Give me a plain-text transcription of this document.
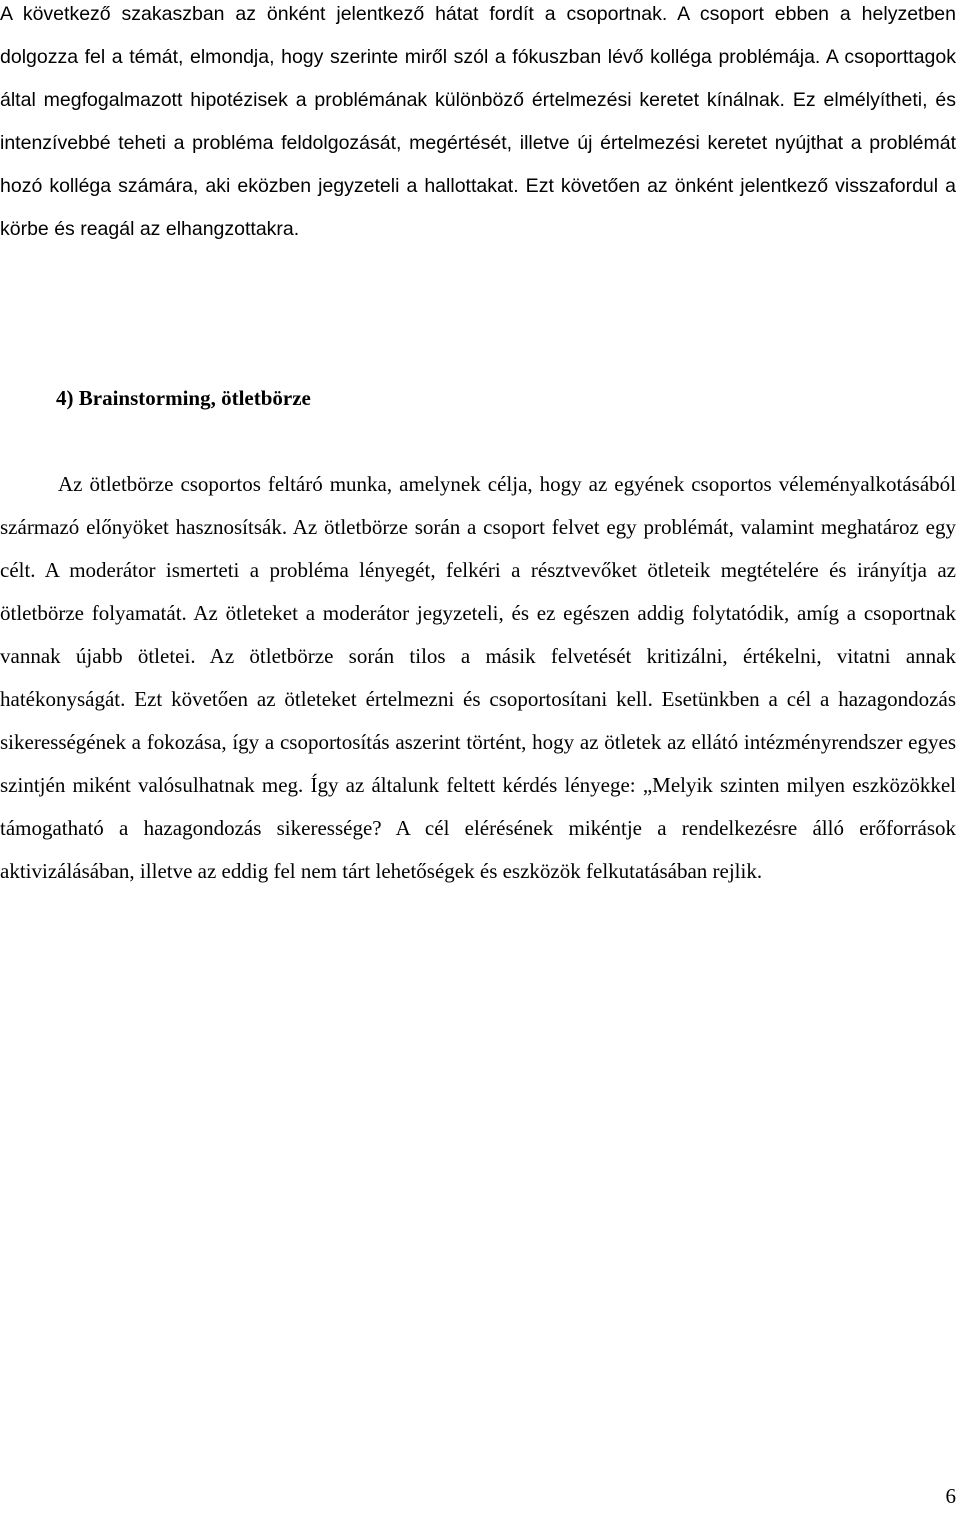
A következő szakaszban az önként jelentkező hátat fordít a csoportnak. A csoport ebben a helyzetben dolgozza fel a témát, elmondja, hogy szerinte miről szól a fókuszban lévő kolléga problémája. A csoporttagok által megfogalmazott hipotézisek a problémának különböző értelmezési keretet kínálnak. Ez elmélyítheti, és intenzívebbé teheti a probléma feldolgozását, megértését, illetve új értelmezési keretet nyújthat a problémát hozó kolléga számára, aki eközben jegyzeteli a hallottakat. Ezt követően az önként jelentkező visszafordul a körbe és reagál az elhangzottakra.

4) Brainstorming, ötletbörze

Az ötletbörze csoportos feltáró munka, amelynek célja, hogy az egyének csoportos véleményalkotásából származó előnyöket hasznosítsák. Az ötletbörze során a csoport felvet egy problémát, valamint meghatároz egy célt. A moderátor ismerteti a probléma lényegét, felkéri a résztvevőket ötleteik megtételére és irányítja az ötletbörze folyamatát. Az ötleteket a moderátor jegyzeteli, és ez egészen addig folytatódik, amíg a csoportnak vannak újabb ötletei. Az ötletbörze során tilos a másik felvetését kritizálni, értékelni, vitatni annak hatékonyságát. Ezt követően az ötleteket értelmezni és csoportosítani kell. Esetünkben a cél a hazagondozás sikerességének a fokozása, így a csoportosítás aszerint történt, hogy az ötletek az ellátó intézményrendszer egyes szintjén miként valósulhatnak meg. Így az általunk feltett kérdés lényege: „Melyik szinten milyen eszközökkel támogatható a hazagondozás sikeressége? A cél elérésének mikéntje a rendelkezésre álló erőforrások aktivizálásában, illetve az eddig fel nem tárt lehetőségek és eszközök felkutatásában rejlik.

6
